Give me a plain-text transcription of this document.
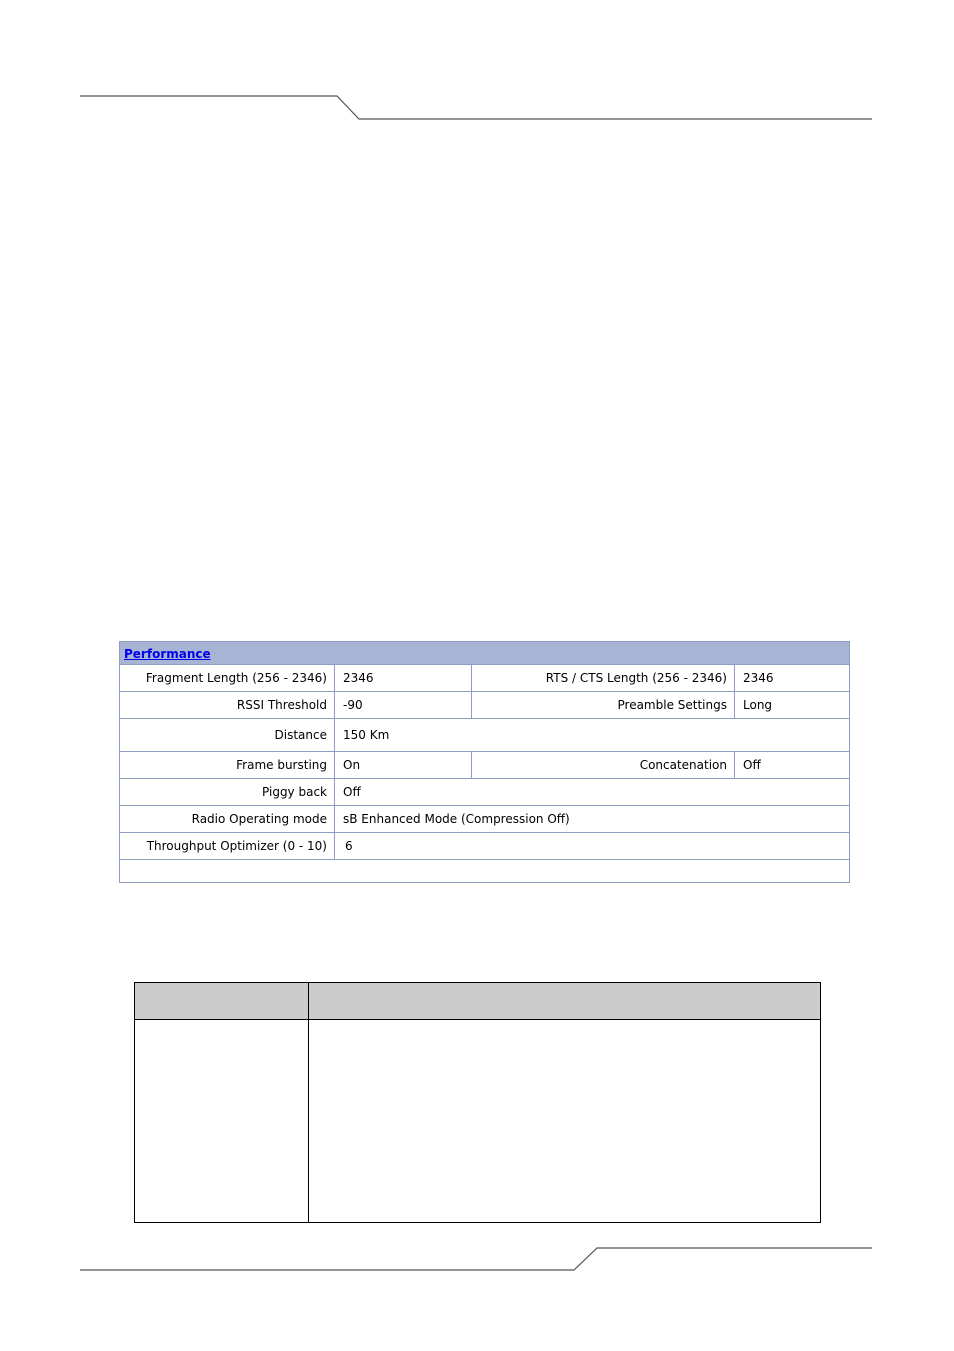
Performance
Fragment Length (256 - 2346)	2346	RTS / CTS Length (256 - 2346)	2346
RSSI Threshold	-90	Preamble Settings	Long
Distance	150 Km
Frame bursting	On	Concatenation	Off
Piggy back	Off
Radio Operating mode	sB Enhanced Mode (Compression Off)
Throughput Optimizer (0 - 10)	6
